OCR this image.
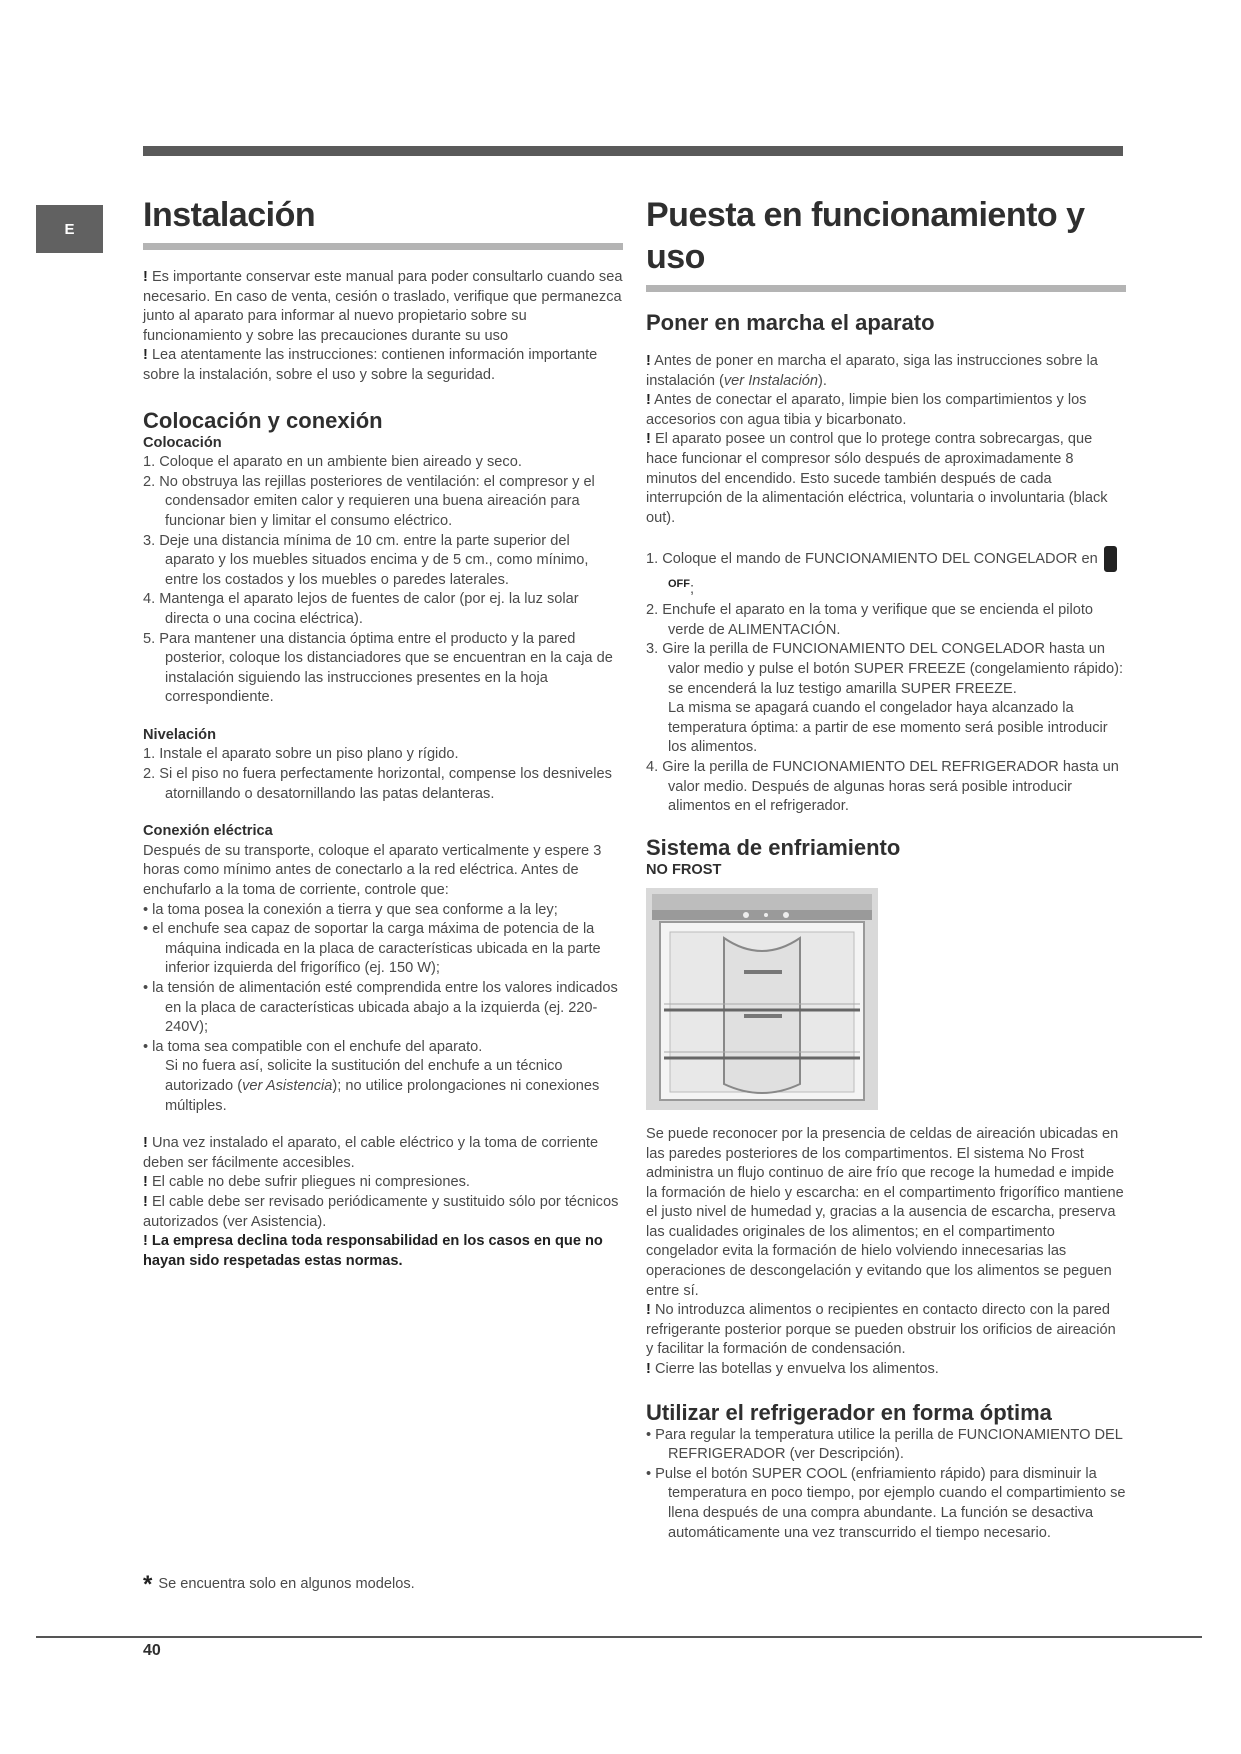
E	Instalación

! Es importante conservar este manual para poder consultarlo cuando sea necesario. En caso de venta, cesión o traslado, verifique que permanezca junto al aparato para informar al nuevo propietario sobre su funcionamiento y sobre las precauciones durante su uso

! Lea atentamente las instrucciones: contienen información importante sobre la instalación, sobre el uso y sobre la seguridad.

Colocación y conexión
Colocación

1. Coloque el aparato en un ambiente bien aireado y seco.

2. No obstruya las rejillas posteriores de ventilación: el compresor y el condensador emiten calor y requieren una buena aireación para funcionar bien y limitar el consumo eléctrico.

3. Deje una distancia mínima de 10 cm. entre la parte superior del aparato y los muebles situados encima y de 5 cm., como mínimo, entre los costados y los muebles o paredes laterales.

4. Mantenga el aparato lejos de fuentes de calor (por ej. la luz solar directa o una cocina eléctrica).

5. Para mantener una distancia óptima entre el producto y la pared posterior, coloque los distanciadores que se encuentran en la caja de instalación siguiendo las instrucciones presentes en la hoja correspondiente.

Nivelación

1. Instale el aparato sobre un piso plano y rígido.

2. Si el piso no fuera perfectamente horizontal, compense los desniveles atornillando o desatornillando las patas delanteras.

Conexión eléctrica

Después de su transporte, coloque el aparato verticalmente y espere 3 horas como mínimo antes de conectarlo a la red eléctrica. Antes de enchufarlo a la toma de corriente, controle que:

• la toma posea la conexión a tierra y que sea conforme a la ley;

• el enchufe sea capaz de soportar la carga máxima de potencia de la máquina indicada en la placa de características ubicada en la parte inferior izquierda del frigorífico (ej. 150 W);

• la tensión de alimentación esté comprendida entre los valores indicados en la placa de características ubicada abajo a la izquierda (ej. 220-240V);

• la toma sea compatible con el enchufe del aparato.

Si no fuera así, solicite la sustitución del enchufe a un técnico autorizado (ver Asistencia); no utilice prolongaciones ni conexiones múltiples.

! Una vez instalado el aparato, el cable eléctrico y la toma de corriente deben ser fácilmente accesibles.

! El cable no debe sufrir pliegues ni compresiones.

! El cable debe ser revisado periódicamente y sustituido sólo por técnicos autorizados (ver Asistencia).

! La empresa declina toda responsabilidad en los casos en que no hayan sido respetadas estas normas.

Puesta en funcionamiento y uso
Poner en marcha el aparato

! Antes de poner en marcha el aparato, siga las instrucciones sobre la instalación (ver Instalación).

! Antes de conectar el aparato, limpie bien los compartimientos y los accesorios con agua tibia y bicarbonato.

! El aparato posee un control que lo protege contra sobrecargas, que hace funcionar el compresor sólo después de aproximadamente 8 minutos del encendido. Esto sucede también después de cada interrupción de la alimentación eléctrica, voluntaria o involuntaria (black out).

1. Coloque el mando de FUNCIONAMIENTO DEL CONGELADOR $en^{OFF}$;

2. Enchufe el aparato en la toma y verifique que se encienda el piloto verde de ALIMENTACIÓN.

3. Gire la perilla de FUNCIONAMIENTO DEL CONGELADOR hasta un valor medio y pulse el botón SUPER FREEZE (congelamiento rápido): se encenderá la luz testigo amarilla SUPER FREEZE.

La misma se apagará cuando el congelador haya alcanzado la temperatura óptima: a partir de ese momento será posible introducir los alimentos.

4. Gire la perilla de FUNCIONAMIENTO DEL REFRIGERADOR hasta un valor medio. Después de algunas horas será posible introducir alimentos en el refrigerador.

Sistema de enfriamiento
NO FROST

Se puede reconocer por la presencia de celdas de aireación ubicadas en las paredes posteriores de los compartimentos. El sistema No Frost administra un flujo continuo de aire frío que recoge la humedad e impide la formación de hielo y escarcha: en el compartimento frigorífico mantiene el justo nivel de humedad y, gracias a la ausencia de escarcha, preserva las cualidades originales de los alimentos; en el compartimento congelador evita la formación de hielo volviendo innecesarias las operaciones de descongelación y evitando que los alimentos se peguen entre sí.

! No introduzca alimentos o recipientes en contacto directo con la pared refrigerante posterior porque se pueden obstruir los orificios de aireación y facilitar la formación de condensación.

! Cierre las botellas y envuelva los alimentos.

Utilizar el refrigerador en forma óptima

• Para regular la temperatura utilice la perilla de FUNCIONAMIENTO DEL REFRIGERADOR (ver Descripción).

• Pulse el botón SUPER COOL (enfriamiento rápido) para disminuir la temperatura en poco tiempo, por ejemplo cuando el compartimiento se llena después de una compra abundante. La función se desactiva automáticamente una vez transcurrido el tiempo necesario.

* Se encuentra solo en algunos modelos.
40
